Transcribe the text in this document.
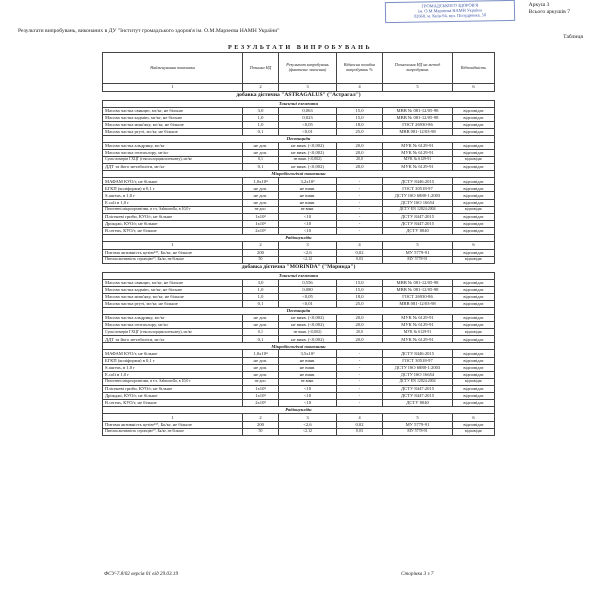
ГРОМАДСЬКОГО ЗДОРОВ'Я
ім. О.М.Марзеєва НАМН України
02660, м. Київ-94, вул. Попудренка, 50
Аркуш 3
Всього аркушів 7
Результати випробувань, виконаних в ДУ "Інститут громадського здоров'я ім. О.М.Марзеєва НАМН України"
Таблиця
РЕЗУЛЬТАТИ ВИПРОБУВАНЬ
Найменування показника	Познака НД	Результат випробувань (фактичне значення)	Відносна похибка випробувань %	Позначення НД на метод випробувань	Відповідність
1	2	3	4	5	6
добавка дієтична "ASTRAGALUS" ("Астрагал")					
Токсичні елементи					
Масова частка свинцю, мг/кг, не більше	3,0	0,063	15,0	МВВ № 081-12/05-98	відповідає
Масова частка кадмію, мг/кг, не більше	1,0	0,023	15,0	МВВ № 081-12/05-98	відповідає
Масова частка миш'яку, мг/кг, не більше	1,0	<0,05	18,0	ГОСТ 26930-86	відповідає
Масова частка ртуті, мг/кг, не більше	0,1	<0,01	25,0	МВВ 081-12/03-98	відповідає
Пестициди					
Масова частка альдрину, мг/кг	не доп.	не вияв. (<0,002)	20,0	МУК № 6129-91	відповідає
Масова частка гептахлору, мг/кг	не доп.	не вияв. (<0,002)	20,0	МУК № 6129-91	відповідає
Сума ізомерів ГХЦГ (гексахлорциклогексану), мг/кг	0,1	не вияв. (<0,002)	20,0	МУК № 6129-91	відповідає
ДДТ та його метаболіти, мг/кг	0,1	не вияв. (<0,002)	20,0	МУК № 6129-91	відповідає
Мікробіологічні показники					
МАФАМ КУО/г, не більше	1,0х10⁴	3,2х10²	-	ДСТУ 8446:2015	відповідає
БГКП (коліформи) в 0,1 г	не доп.	не вияв.	-	ГОСТ 30518-97	відповідає
S.aureus, в 1,0 г	не доп.	не вияв.	-	ДСТУ ISO 6888-1:2003	відповідає
E.coli в 1,0 г	не доп.	не вияв.	-	ДСТУ ISO 16654	відповідає
Патогенні мікроорганізми, в т.ч. Salmonella, в 10,0 г	не доп.	не вияв.	-	ДСТУ EN 12824:2004	відповідає
Плісеневі гриби, КУО/г, не більше	1х10²	<10	-	ДСТУ 8447:2015	відповідає
Дріжджі, КУО/г, не більше	1х10²	<10	-	ДСТУ 8447:2015	відповідає
B.cereus, КУО/г, не більше	2х10²	<10	-	ДСТУ 8040	відповідає
Радіонукліди					
1	2	3	4	5	6
Питома активність цезію¹³⁷, Бк/кг, не більше	200	<2,6	0,02	МУ 5779-91	відповідає
Питома активність стронцію⁹⁰, Бк/кг, не більше	50	<2,12	0,03	МУ 5778-91	відповідає
добавка дієтична "MORINDA" ("Моринда")					
Токсичні елементи					
Масова частка свинцю, мг/кг, не більше	3,0	0,556	15,0	МВВ № 081-12/05-98	відповідає
Масова частка кадмію, мг/кг, не більше	1,0	0,080	15,0	МВВ № 081-12/05-98	відповідає
Масова частка миш'яку, мг/кг, не більше	1,0	<0,05	18,0	ГОСТ 26930-86	відповідає
Масова частка ртуті, мг/кг, не більше	0,1	<0,01	25,0	МВВ 081-12/03-98	відповідає
Пестициди					
Масова частка альдрину, мг/кг	не доп.	не вияв. (<0,002)	20,0	МУК № 6129-91	відповідає
Масова частка гептахлору, мг/кг	не доп.	не вияв. (<0,002)	20,0	МУК № 6129-91	відповідає
Сума ізомерів ГХЦГ (гексахлорциклогексану), мг/кг	0,1	не вияв. (<0,002)	20,0	МУК № 6129-91	відповідає
ДДТ та його метаболіти, мг/кг	0,1	не вияв. (<0,002)	20,0	МУК № 6129-91	відповідає
Мікробіологічні показники					
МАФАМ КУО/г, не більше	1,0х10⁴	3,5х10²	-	ДСТУ 8446:2015	відповідає
БГКП (коліформи) в 0,1 г	не доп.	не вияв.	-	ГОСТ 30518-97	відповідає
S.aureus, в 1,0 г	не доп.	не вияв.	-	ДСТУ ISO 6888-1:2003	відповідає
E.coli в 1,0 г	не доп.	не вияв.	-	ДСТУ ISO 16654	відповідає
Патогенні мікроорганізми, в т.ч. Salmonella, в 10,0 г	не доп.	не вияв.	-	ДСТУ EN 12824:2004	відповідає
Плісеневі гриби, КУО/г, не більше	1х10²	<10	-	ДСТУ 8447:2015	відповідає
Дріжджі, КУО/г, не більше	1х10²	<10	-	ДСТУ 8447:2015	відповідає
B.cereus, КУО/г, не більше	2х10²	<10	-	ДСТУ 8040	відповідає
Радіонукліди					
1	2	3	4	5	6
Питома активність цезію¹³⁷, Бк/кг, не більше	200	<2,6	0,02	МУ 5779-91	відповідає
Питома активність стронцію⁹⁰, Бк/кг, не більше	50	<2,12	0,03	МУ 5778-91	відповідає
ФСУ-7.8/02 версія 01 від 29.03.19	Сторінка 3 з 7
